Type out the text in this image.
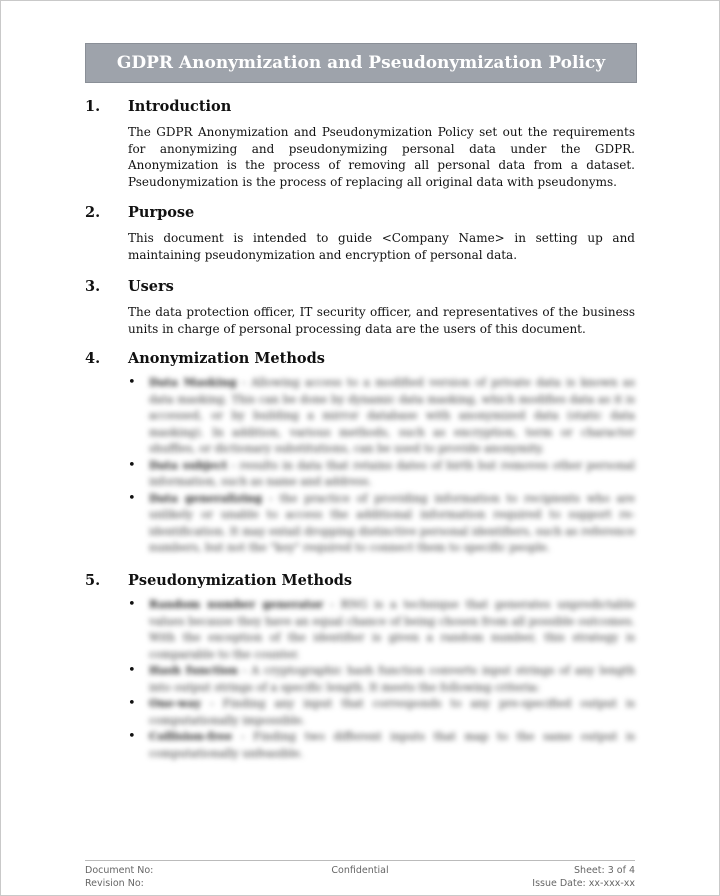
GDPR Anonymization and Pseudonymization Policy
1.	Introduction
The GDPR Anonymization and Pseudonymization Policy set out the requirements for anonymizing and pseudonymizing personal data under the GDPR. Anonymization is the process of removing all personal data from a dataset. Pseudonymization is the process of replacing all original data with pseudonyms.
2.	Purpose
This document is intended to guide <Company Name> in setting up and maintaining pseudonymization and encryption of personal data.
3.	Users
The data protection officer, IT security officer, and representatives of the business units in charge of personal processing data are the users of this document.
4.	Anonymization Methods
• Data Masking - Allowing access to a modified version of private data is known as data masking. This can be done by dynamic data masking, which modifies data as it is accessed, or by building a mirror database with anonymized data (static data masking). In addition, various methods, such as encryption, term or character shuffles, or dictionary substitutions, can be used to provide anonymity.
• Data subject - results in data that retains dates of birth but removes other personal information, such as name and address.
• Data generalizing - the practice of providing information to recipients who are unlikely or unable to access the additional information required to support re-identification. It may entail dropping distinctive personal identifiers, such as reference numbers, but not the "key" required to connect them to specific people.
5.	Pseudonymization Methods
• Random number generator - RNG is a technique that generates unpredictable values because they have an equal chance of being chosen from all possible outcomes. With the exception of the identifier is given a random number, this strategy is comparable to the counter.
• Hash function - A cryptographic hash function converts input strings of any length into output strings of a specific length. It meets the following criteria:
• One-way - Finding any input that corresponds to any pre-specified output is computationally impossible.
• Collision-free - Finding two different inputs that map to the same output is computationally unfeasible.
Document No:	Confidential	Sheet: 3 of 4
Revision No:	Issue Date: xx-xxx-xx
